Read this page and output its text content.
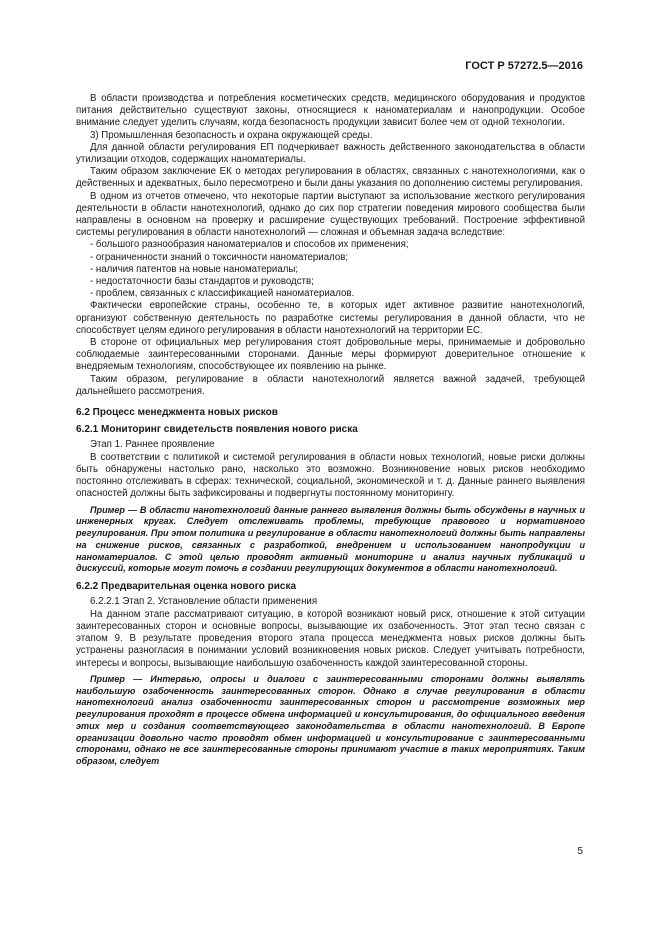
ГОСТ Р 57272.5—2016

В области производства и потребления косметических средств, медицинского оборудования и продуктов питания действительно существуют законы, относящиеся к наноматериалам и нанопродукции. Особое внимание следует уделить случаям, когда безопасность продукции зависит более чем от одной технологии.

3) Промышленная безопасность и охрана окружающей среды.

Для данной области регулирования ЕП подчеркивает важность действенного законодательства в области утилизации отходов, содержащих наноматериалы.

Таким образом заключение ЕК о методах регулирования в областях, связанных с нанотехнологиями, как о действенных и адекватных, было пересмотрено и были даны указания по дополнению системы регулирования.

В одном из отчетов отмечено, что некоторые партии выступают за использование жесткого регулирования деятельности в области нанотехнологий, однако до сих пор стратегии поведения мирового сообщества были направлены в основном на проверку и расширение существующих требований. Построение эффективной системы регулирования в области нанотехнологий — сложная и объемная задача вследствие:

- большого разнообразия наноматериалов и способов их применения;
- ограниченности знаний о токсичности наноматериалов;
- наличия патентов на новые наноматериалы;
- недостаточности базы стандартов и руководств;
- проблем, связанных с классификацией наноматериалов.

Фактически европейские страны, особенно те, в которых идет активное развитие нанотехнологий, организуют собственную деятельность по разработке системы регулирования в данной области, что не способствует целям единого регулирования в области нанотехнологий на территории ЕС.

В стороне от официальных мер регулирования стоят добровольные меры, принимаемые и добровольно соблюдаемые заинтересованными сторонами. Данные меры формируют доверительное отношение к внедряемым технологиям, способствующее их появлению на рынке.

Таким образом, регулирование в области нанотехнологий является важной задачей, требующей дальнейшего рассмотрения.

6.2 Процесс менеджмента новых рисков
6.2.1 Мониторинг свидетельств появления нового риска

Этап 1. Раннее проявление

В соответствии с политикой и системой регулирования в области новых технологий, новые риски должны быть обнаружены настолько рано, насколько это возможно. Возникновение новых рисков необходимо постоянно отслеживать в сферах: технической, социальной, экономической и т. д. Данные раннего выявления опасностей должны быть зафиксированы и подвергнуты постоянному мониторингу.

Пример — В области нанотехнологий данные раннего выявления должны быть обсуждены в научных и инженерных кругах. Следует отслеживать проблемы, требующие правового и нормативного регулирования. При этом политика и регулирование в области нанотехнологий должны быть направлены на снижение рисков, связанных с разработкой, внедрением и использованием нанопродукции и наноматериалов. С этой целью проводят активный мониторинг и анализ научных публикаций и дискуссий, которые могут помочь в создании регулирующих документов в области нанотехнологий.

6.2.2 Предварительная оценка нового риска

6.2.2.1 Этап 2. Установление области применения

На данном этапе рассматривают ситуацию, в которой возникают новый риск, отношение к этой ситуации заинтересованных сторон и основные вопросы, вызывающие их озабоченность. Этот этап тесно связан с этапом 9. В результате проведения второго этапа процесса менеджмента новых рисков должны быть устранены разногласия в понимании условий возникновения новых рисков. Следует учитывать потребности, интересы и вопросы, вызывающие наибольшую озабоченность каждой заинтересованной стороны.

Пример — Интервью, опросы и диалоги с заинтересованными сторонами должны выявлять наибольшую озабоченность заинтересованных сторон. Однако в случае регулирования в области нанотехнологий анализ озабоченности заинтересованных сторон и рассмотрение возможных мер регулирования проходят в процессе обмена информацией и консультирования, до официального введения этих мер и создания соответствующего законодательства в области нанотехнологий. В Европе организации довольно часто проводят обмен информацией и консультирование с заинтересованными сторонами, однако не все заинтересованные стороны принимают участие в таких мероприятиях. Таким образом, следует

5
